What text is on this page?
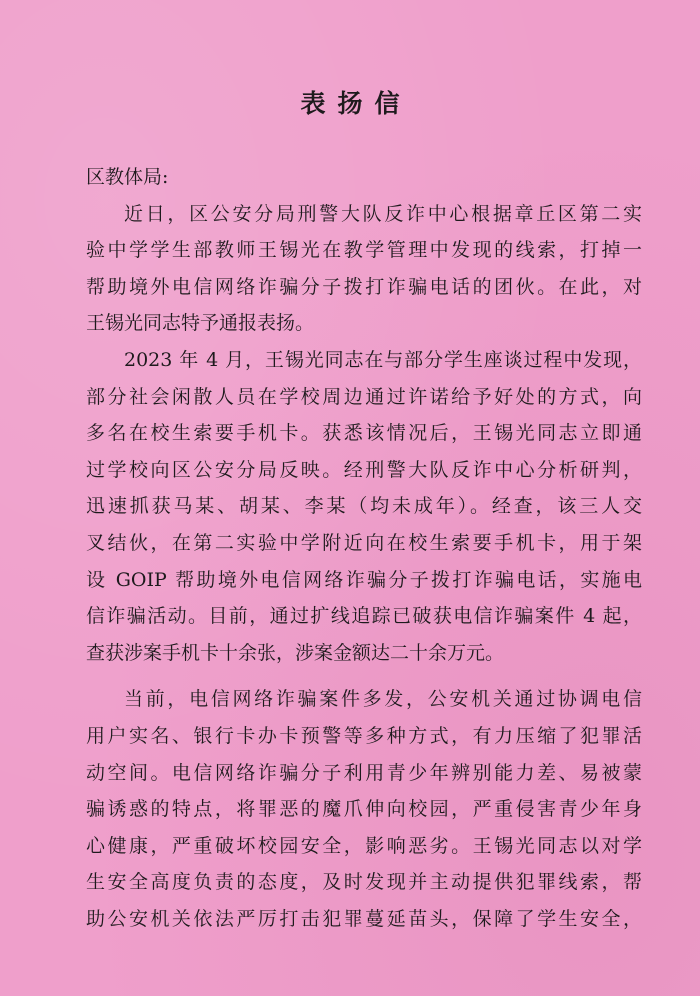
表扬信
区教体局:
近日，区公安分局刑警大队反诈中心根据章丘区第二实
验中学学生部教师王锡光在教学管理中发现的线索，打掉一
帮助境外电信网络诈骗分子拨打诈骗电话的团伙。在此，对
王锡光同志特予通报表扬。
2023 年 4 月，王锡光同志在与部分学生座谈过程中发现，
部分社会闲散人员在学校周边通过许诺给予好处的方式，向
多名在校生索要手机卡。获悉该情况后，王锡光同志立即通
过学校向区公安分局反映。经刑警大队反诈中心分析研判，
迅速抓获马某、胡某、李某（均未成年）。经查，该三人交
叉结伙，在第二实验中学附近向在校生索要手机卡，用于架
设 GOIP 帮助境外电信网络诈骗分子拨打诈骗电话，实施电
信诈骗活动。目前，通过扩线追踪已破获电信诈骗案件 4 起，
查获涉案手机卡十余张，涉案金额达二十余万元。
当前，电信网络诈骗案件多发，公安机关通过协调电信
用户实名、银行卡办卡预警等多种方式，有力压缩了犯罪活
动空间。电信网络诈骗分子利用青少年辨别能力差、易被蒙
骗诱惑的特点，将罪恶的魔爪伸向校园，严重侵害青少年身
心健康，严重破坏校园安全，影响恶劣。王锡光同志以对学
生安全高度负责的态度，及时发现并主动提供犯罪线索，帮
助公安机关依法严厉打击犯罪蔓延苗头，保障了学生安全，
